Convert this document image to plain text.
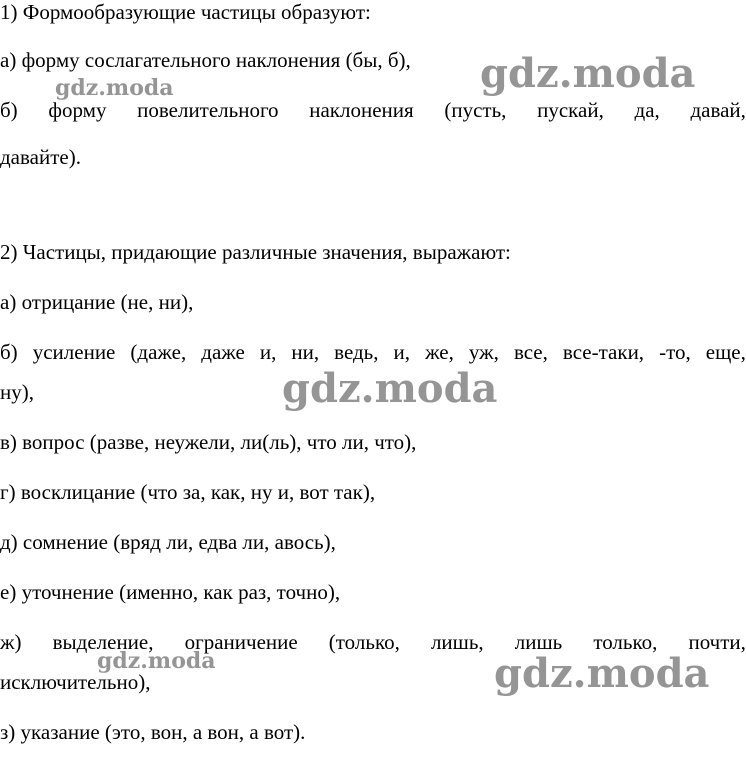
1) Формообразующие частицы образуют:
а) форму сослагательного наклонения (бы, б),
б) форму повелительного наклонения (пусть, пускай, да, давай,
давайте).
2) Частицы, придающие различные значения, выражают:
а) отрицание (не, ни),
б) усиление (даже, даже и, ни, ведь, и, же, уж, все, все-таки, -то, еще,
ну),
в) вопрос (разве, неужели, ли(ль), что ли, что),
г) восклицание (что за, как, ну и, вот так),
д) сомнение (вряд ли, едва ли, авось),
е) уточнение (именно, как раз, точно),
ж) выделение, ограничение (только, лишь, лишь только, почти,
исключительно),
з) указание (это, вон, а вон, а вот).
gdz.moda
gdz.moda
gdz.moda
gdz.moda	gdz.moda
